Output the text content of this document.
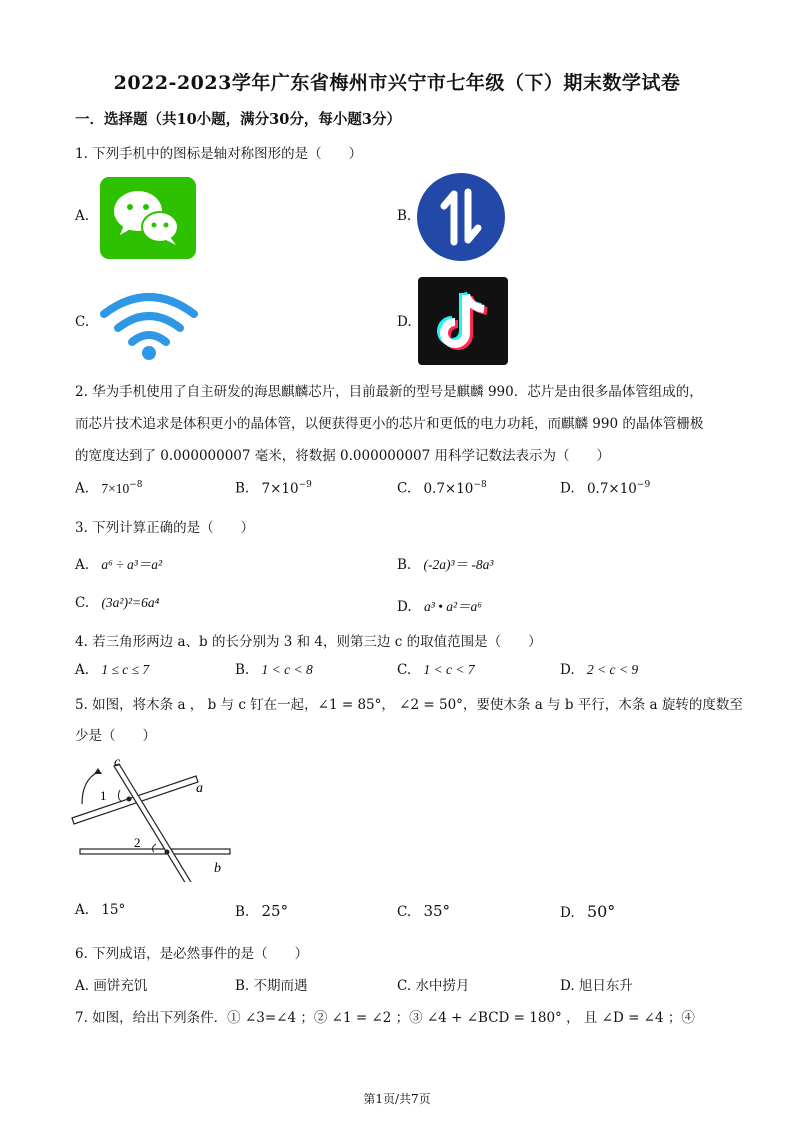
2022-2023学年广东省梅州市兴宁市七年级（下）期末数学试卷
一．选择题（共10小题，满分30分，每小题3分）
1. 下列手机中的图标是轴对称图形的是（　　）
A.	B.
C.	D.
2. 华为手机使用了自主研发的海思麒麟芯片，目前最新的型号是麒麟 990．芯片是由很多晶体管组成的，
而芯片技术追求是体积更小的晶体管，以便获得更小的芯片和更低的电力功耗，而麒麟 990 的晶体管栅极
的宽度达到了 0.000000007 毫米，将数据 0.000000007 用科学记数法表示为（　　）
A. $7\times 10^{-8}$	B. $7\times 10^{-9}$	C. $0.7\times 10^{-8}$	D. $0.7\times 10^{-9}$
3. 下列计算正确的是（　　）
A. a⁶ ÷ a³＝a²	B. (-2a)³＝ -8a³
C. (3a²)²=6a⁴	D. a³ • a²＝a⁶
4. 若三角形两边 a、b 的长分别为 3 和 4，则第三边 c 的取值范围是（　　）
A. 1 ≤ c ≤ 7	B. 1 < c < 8	C. 1 < c < 7	D. 2 < c < 9
5. 如图，将木条 a ， b 与 c 钉在一起，∠1 = 85°， ∠2 = 50°，要使木条 a 与 b 平行，木条 a 旋转的度数至
少是（　　）
c
a
b
1
2
A. 15°	B. 25°	C. 35°	D. 50°
6. 下列成语，是必然事件的是（　　）
A. 画饼充饥	B. 不期而遇	C. 水中捞月	D. 旭日东升
7. 如图，给出下列条件．① ∠3=∠4 ；② ∠1 = ∠2 ；③ ∠4 + ∠BCD = 180° ， 且 ∠D = ∠4 ；④
第1页/共7页
